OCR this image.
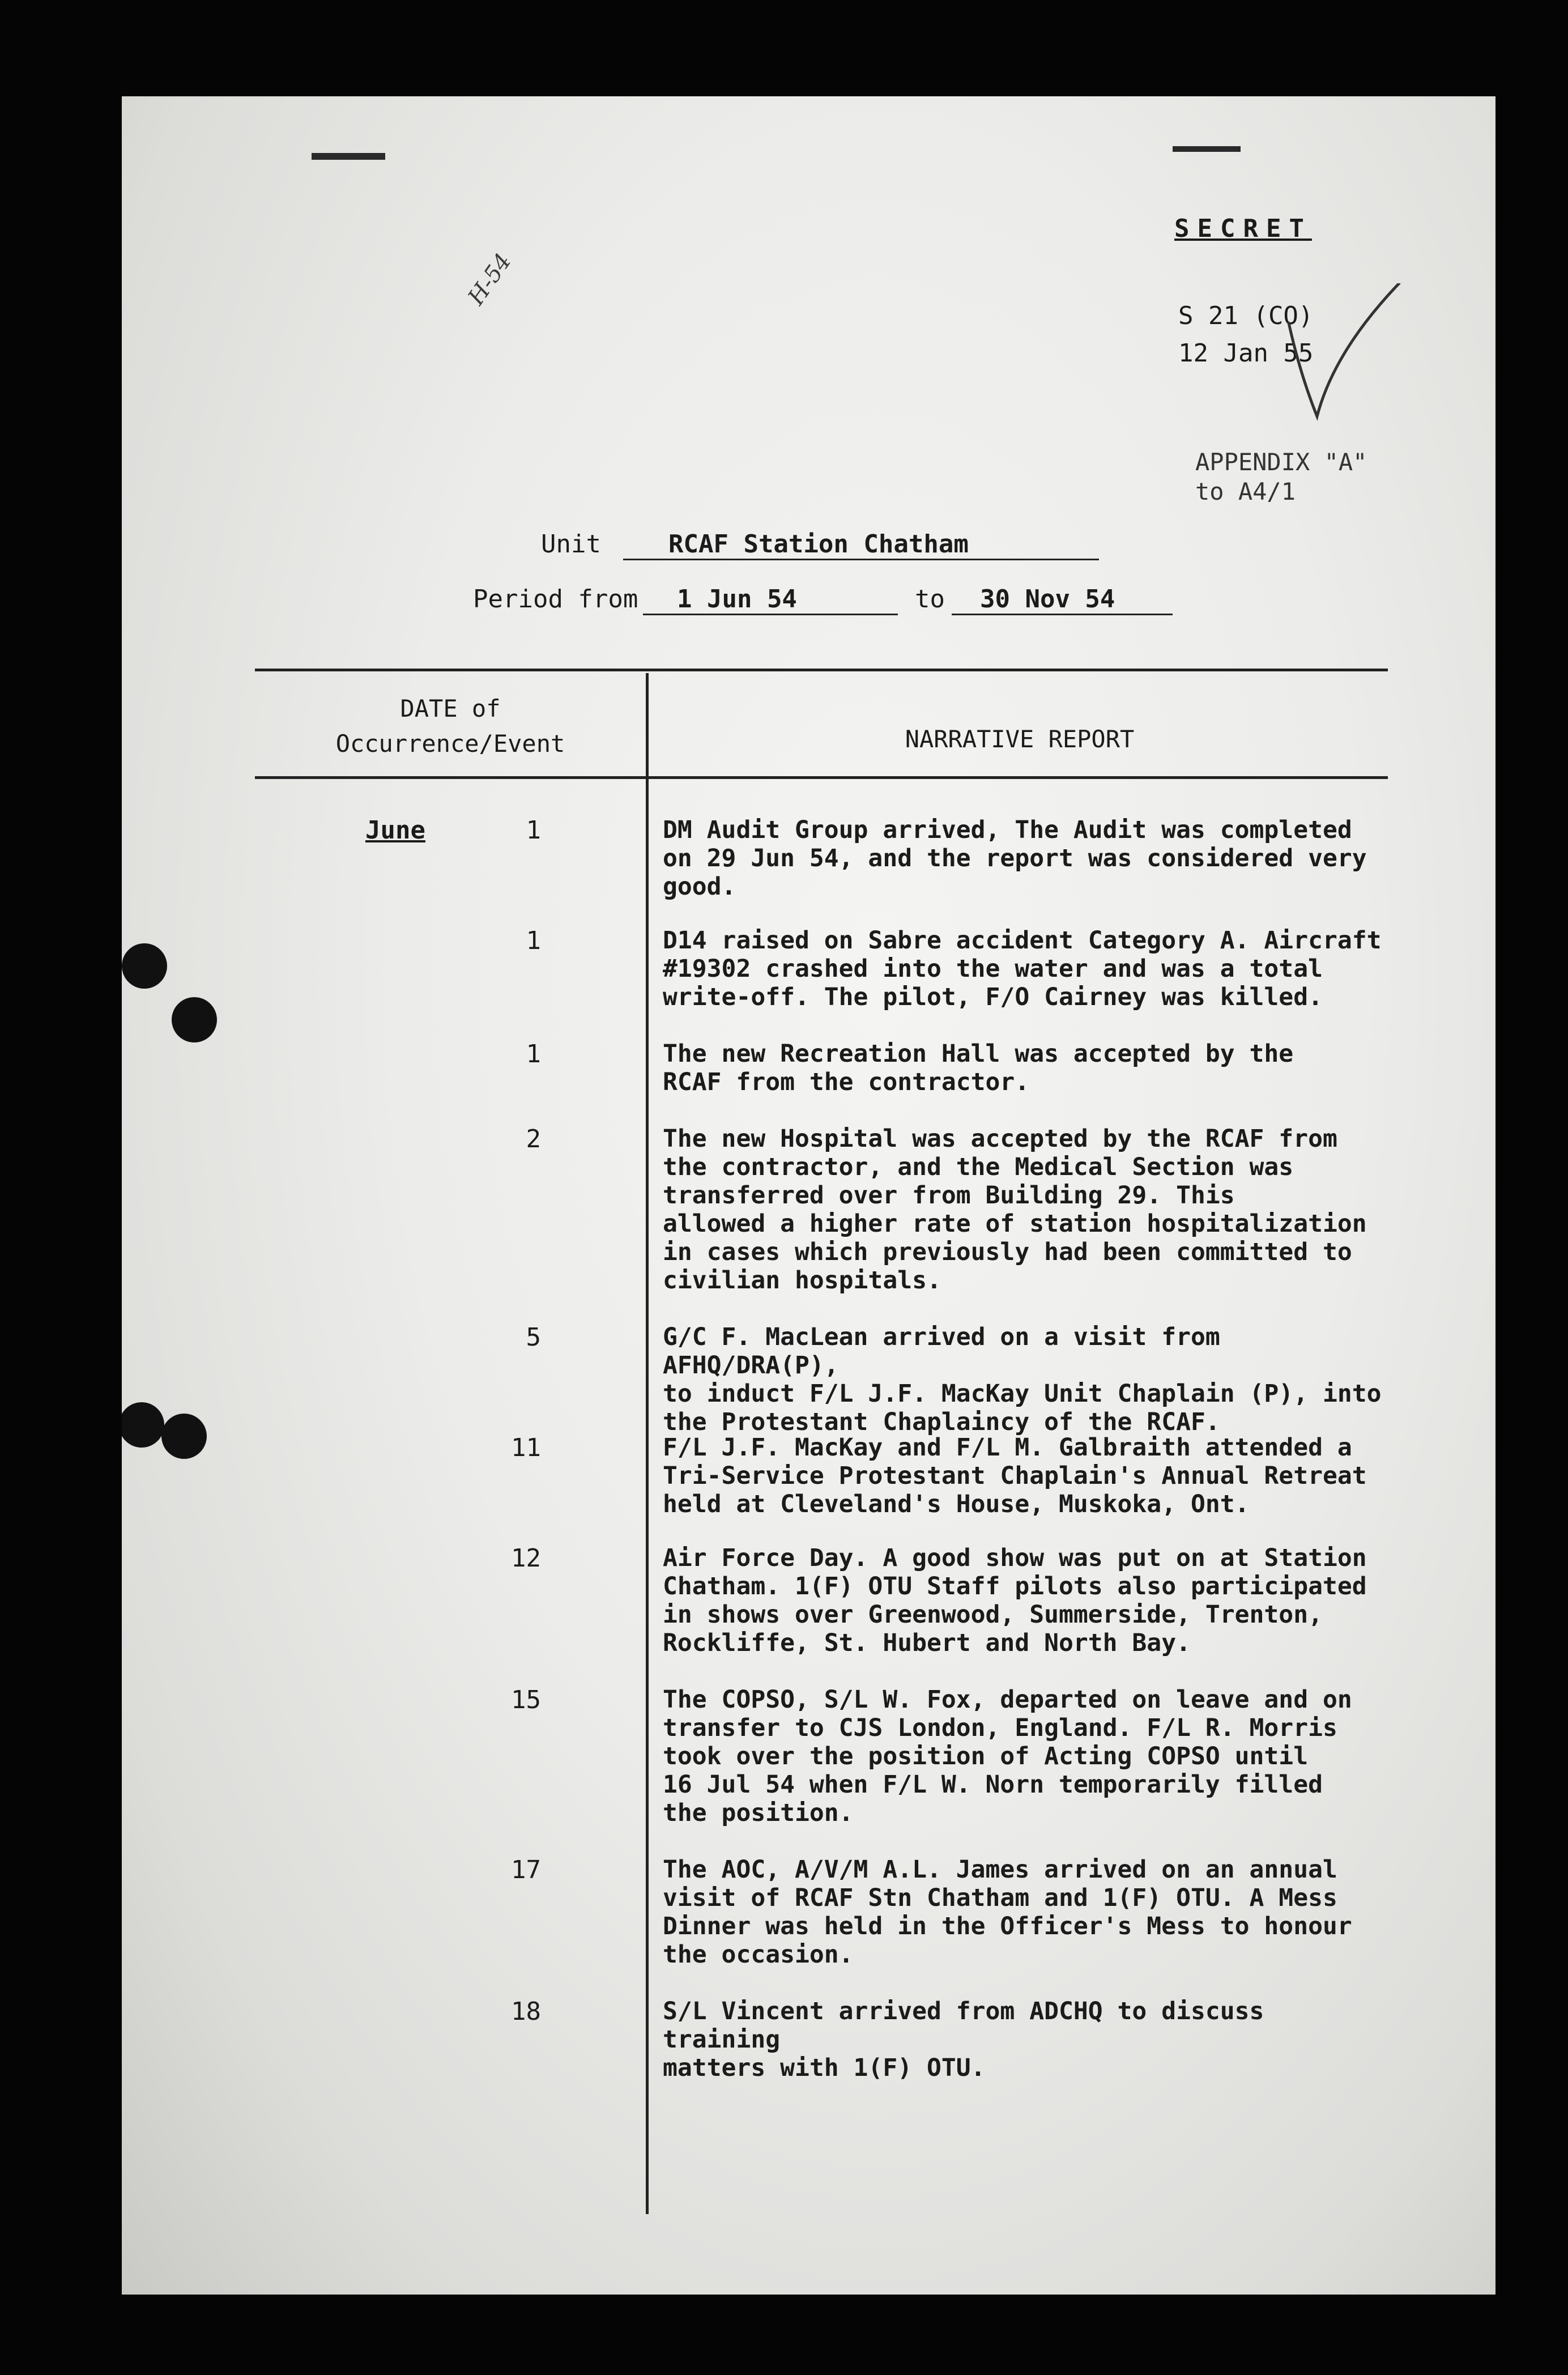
SECRET
S 21 (CO)
12 Jan 55
H-54
APPENDIX "A"
to A4/1
Unit	RCAF Station Chatham
Period from	1 Jun 54	to	30 Nov 54
DATE of
Occurrence/Event	NARRATIVE REPORT
June	1	DM Audit Group arrived, The Audit was completed
on 29 Jun 54, and the report was considered very
good.
1	D14 raised on Sabre accident Category A. Aircraft
#19302 crashed into the water and was a total
write-off. The pilot, F/O Cairney was killed.
1	The new Recreation Hall was accepted by the
RCAF from the contractor.
2	The new Hospital was accepted by the RCAF from
the contractor, and the Medical Section was
transferred over from Building 29. This
allowed a higher rate of station hospitalization
in cases which previously had been committed to
civilian hospitals.
5	G/C F. MacLean arrived on a visit from AFHQ/DRA(P),
to induct F/L J.F. MacKay Unit Chaplain (P), into
the Protestant Chaplaincy of the RCAF.
11	F/L J.F. MacKay and F/L M. Galbraith attended a
Tri-Service Protestant Chaplain's Annual Retreat
held at Cleveland's House, Muskoka, Ont.
12	Air Force Day. A good show was put on at Station
Chatham. 1(F) OTU Staff pilots also participated
in shows over Greenwood, Summerside, Trenton,
Rockliffe, St. Hubert and North Bay.
15	The COPSO, S/L W. Fox, departed on leave and on
transfer to CJS London, England. F/L R. Morris
took over the position of Acting COPSO until
16 Jul 54 when F/L W. Norn temporarily filled
the position.
17	The AOC, A/V/M A.L. James arrived on an annual
visit of RCAF Stn Chatham and 1(F) OTU. A Mess
Dinner was held in the Officer's Mess to honour
the occasion.
18	S/L Vincent arrived from ADCHQ to discuss training
matters with 1(F) OTU.
